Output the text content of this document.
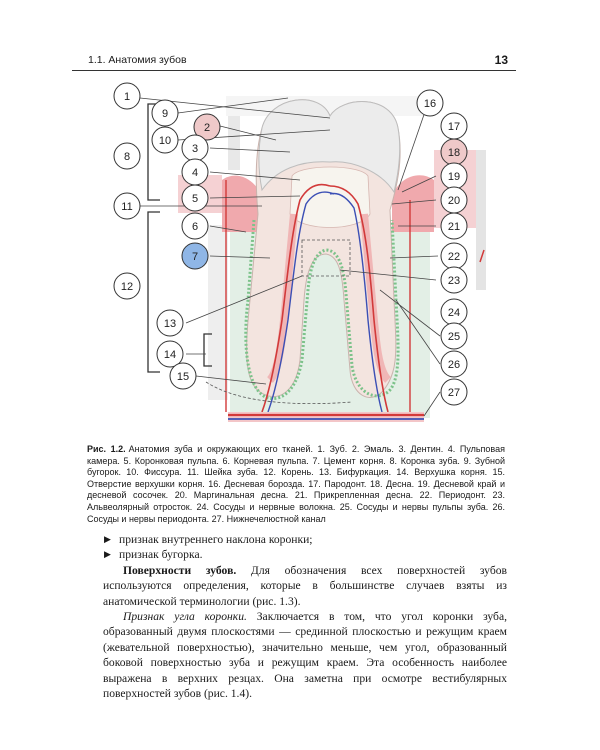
1.1. Анатомия зубов	13
1
2
3
4
5
6
7
8
9
10
11
12
13
14
15
16
17
18
19
20
21
22
23
24
25
26
27
Рис. 1.2. Анатомия зуба и окружающих его тканей. 1. Зуб. 2. Эмаль. 3. Дентин. 4. Пульповая камера. 5. Коронковая пульпа. 6. Корневая пульпа. 7. Цемент корня. 8. Коронка зуба. 9. Зубной бугорок. 10. Фиссура. 11. Шейка зуба. 12. Корень. 13. Бифуркация. 14. Верхушка корня. 15. Отверстие верхушки корня. 16. Десневая борозда. 17. Пародонт. 18. Десна. 19. Десневой край и десневой сосочек. 20. Маргинальная десна. 21. Прикрепленная десна. 22. Периодонт. 23. Альвеолярный отросток. 24. Сосуды и нервные волокна. 25. Сосуды и нервы пульпы зуба. 26. Сосуды и нервы периодонта. 27. Нижнечелюстной канал
▶ признак внутреннего наклона коронки;
▶ признак бугорка.

Поверхности зубов. Для обозначения всех поверхностей зубов используются определения, которые в большинстве случаев взяты из анатомической терминологии (рис. 1.3).

Признак угла коронки. Заключается в том, что угол коронки зуба, образованный двумя плоскостями — срединной плоскостью и режущим краем (жевательной поверхностью), значительно меньше, чем угол, образованный боковой поверхностью зуба и режущим краем. Эта особенность наиболее выражена в верхних резцах. Она заметна при осмотре вестибулярных поверхностей зубов (рис. 1.4).
